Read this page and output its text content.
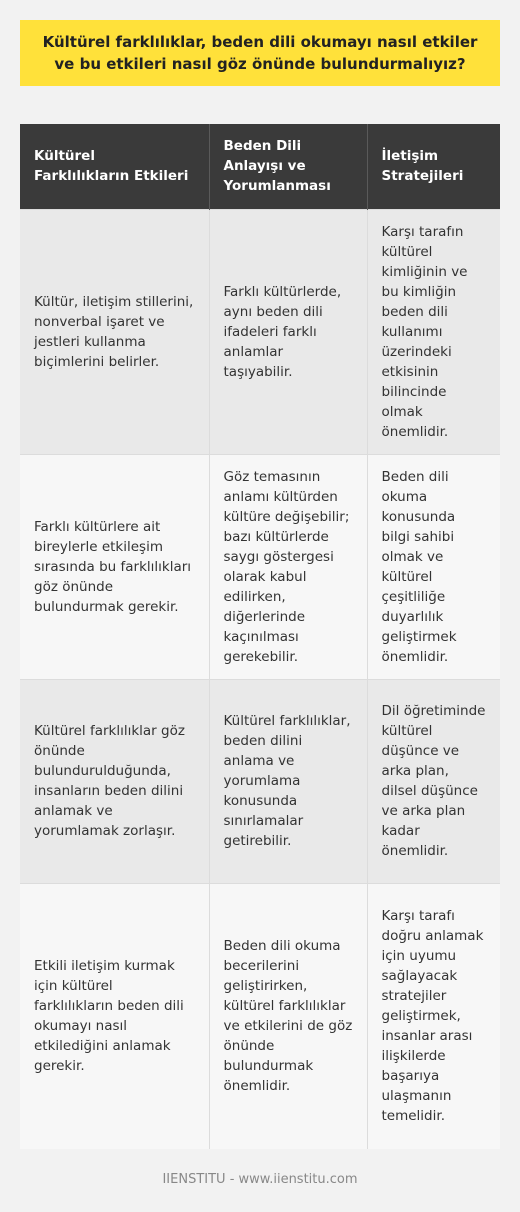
Kültürel farklılıklar, beden dili okumayı nasıl etkiler ve bu etkileri nasıl göz önünde bulundurmalıyız?
Kültürel Farklılıkların Etkileri	Beden Dili Anlayışı ve Yorumlanması	İletişim Stratejileri
Kültür, iletişim stillerini, nonverbal işaret ve jestleri kullanma biçimlerini belirler.	Farklı kültürlerde, aynı beden dili ifadeleri farklı anlamlar taşıyabilir.	Karşı tarafın kültürel kimliğinin ve bu kimliğin beden dili kullanımı üzerindeki etkisinin bilincinde olmak önemlidir.
Farklı kültürlere ait bireylerle etkileşim sırasında bu farklılıkları göz önünde bulundurmak gerekir.	Göz temasının anlamı kültürden kültüre değişebilir; bazı kültürlerde saygı göstergesi olarak kabul edilirken, diğerlerinde kaçınılması gerekebilir.	Beden dili okuma konusunda bilgi sahibi olmak ve kültürel çeşitliliğe duyarlılık geliştirmek önemlidir.
Kültürel farklılıklar göz önünde bulundurulduğunda, insanların beden dilini anlamak ve yorumlamak zorlaşır.	Kültürel farklılıklar, beden dilini anlama ve yorumlama konusunda sınırlamalar getirebilir.	Dil öğretiminde kültürel düşünce ve arka plan, dilsel düşünce ve arka plan kadar önemlidir.
Etkili iletişim kurmak için kültürel farklılıkların beden dili okumayı nasıl etkilediğini anlamak gerekir.	Beden dili okuma becerilerini geliştirirken, kültürel farklılıklar ve etkilerini de göz önünde bulundurmak önemlidir.	Karşı tarafı doğru anlamak için uyumu sağlayacak stratejiler geliştirmek, insanlar arası ilişkilerde başarıya ulaşmanın temelidir.
IIENSTITU - www.iienstitu.com
